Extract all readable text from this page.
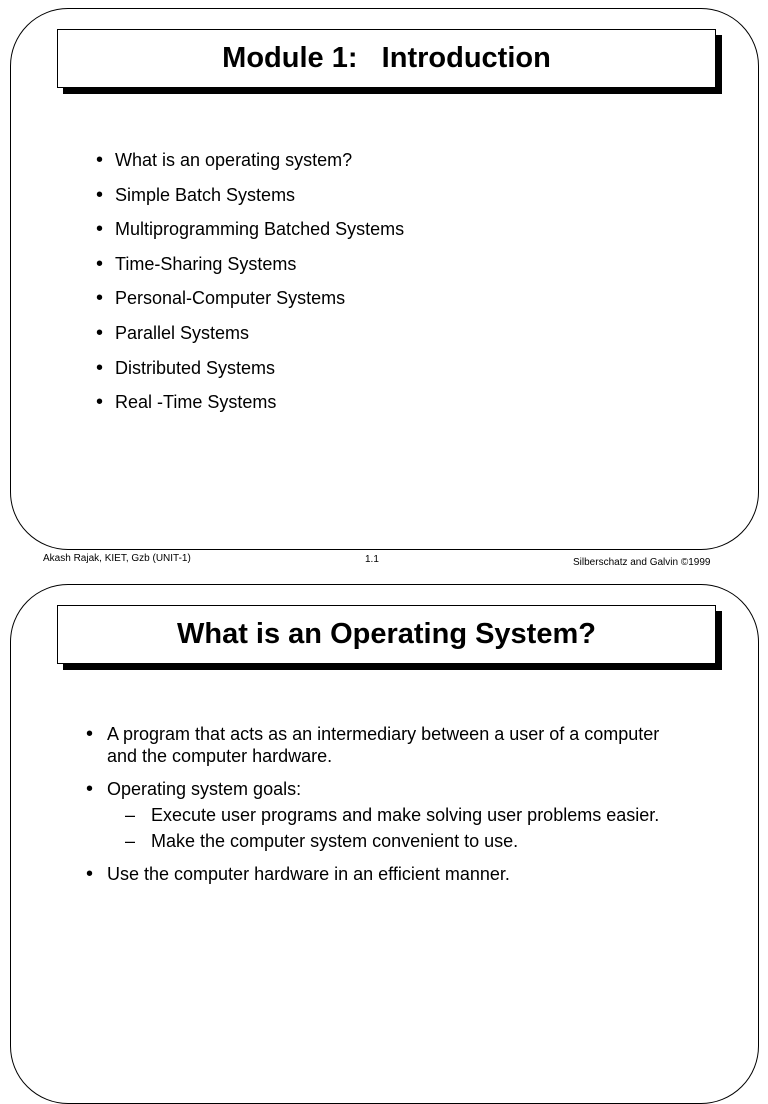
Module 1:   Introduction
• What is an operating system?
• Simple Batch Systems
• Multiprogramming Batched Systems
• Time-Sharing Systems
• Personal-Computer Systems
• Parallel Systems
• Distributed Systems
• Real -Time Systems
Akash Rajak, KIET, Gzb (UNIT-1)	1.1	Silberschatz and Galvin ©1999
What is an Operating System?
• A program that acts as an intermediary between a user of a computer and the computer hardware.
• Operating system goals:
– Execute user programs and make solving user problems easier.
– Make the computer system convenient to use.
• Use the computer hardware in an efficient manner.
